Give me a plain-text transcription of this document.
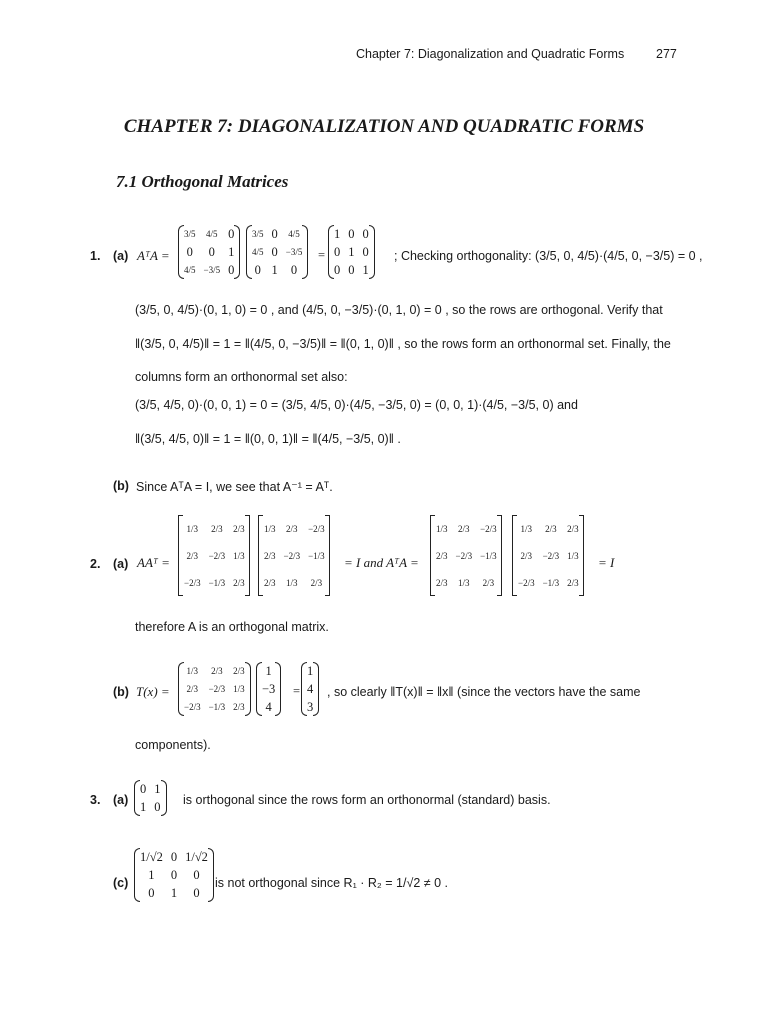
Chapter 7: Diagonalization and Quadratic Forms	277
CHAPTER 7: DIAGONALIZATION AND QUADRATIC FORMS
7.1 Orthogonal Matrices
1. (a) AᵀA =
3/5	4/5	0
0	0	1
4/5	−3/5	0
3/5	0	4/5
4/5	0	−3/5
0	1	0
=
1	0	0
0	1	0
0	0	1
; Checking orthogonality: (3/5, 0, 4/5)·(4/5, 0, −3/5) = 0 ,
(3/5, 0, 4/5)·(0, 1, 0) = 0 , and (4/5, 0, −3/5)·(0, 1, 0) = 0 , so the rows are orthogonal. Verify that
‖(3/5, 0, 4/5)‖ = 1 = ‖(4/5, 0, −3/5)‖ = ‖(0, 1, 0)‖ , so the rows form an orthonormal set. Finally, the
columns form an orthonormal set also:
(3/5, 4/5, 0)·(0, 0, 1) = 0 = (3/5, 4/5, 0)·(4/5, −3/5, 0) = (0, 0, 1)·(4/5, −3/5, 0) and
‖(3/5, 4/5, 0)‖ = 1 = ‖(0, 0, 1)‖ = ‖(4/5, −3/5, 0)‖ .
(b) Since AᵀA = I, we see that A⁻¹ = Aᵀ.
2. (a) AAᵀ =
1/3	2/3	2/3
2/3	−2/3	1/3
−2/3	−1/3	2/3
1/3	2/3	−2/3
2/3	−2/3	−1/3
2/3	1/3	2/3
= I and AᵀA =
1/3	2/3	−2/3
2/3	−2/3	−1/3
2/3	1/3	2/3
1/3	2/3	2/3
2/3	−2/3	1/3
−2/3	−1/3	2/3
= I
therefore A is an orthogonal matrix.
(b) T(x) =
1/3	2/3	2/3
2/3	−2/3	1/3
−2/3	−1/3	2/3
1
−3
4
=
1
4
3
, so clearly ‖T(x)‖ = ‖x‖ (since the vectors have the same
components).
3. (a)
0	1
1	0 is orthogonal since the rows form an orthonormal (standard) basis.
(c)
1/√2	0	1/√2
1	0	0
0	1	0
is not orthogonal since R₁ · R₂ = 1/√2 ≠ 0 .
